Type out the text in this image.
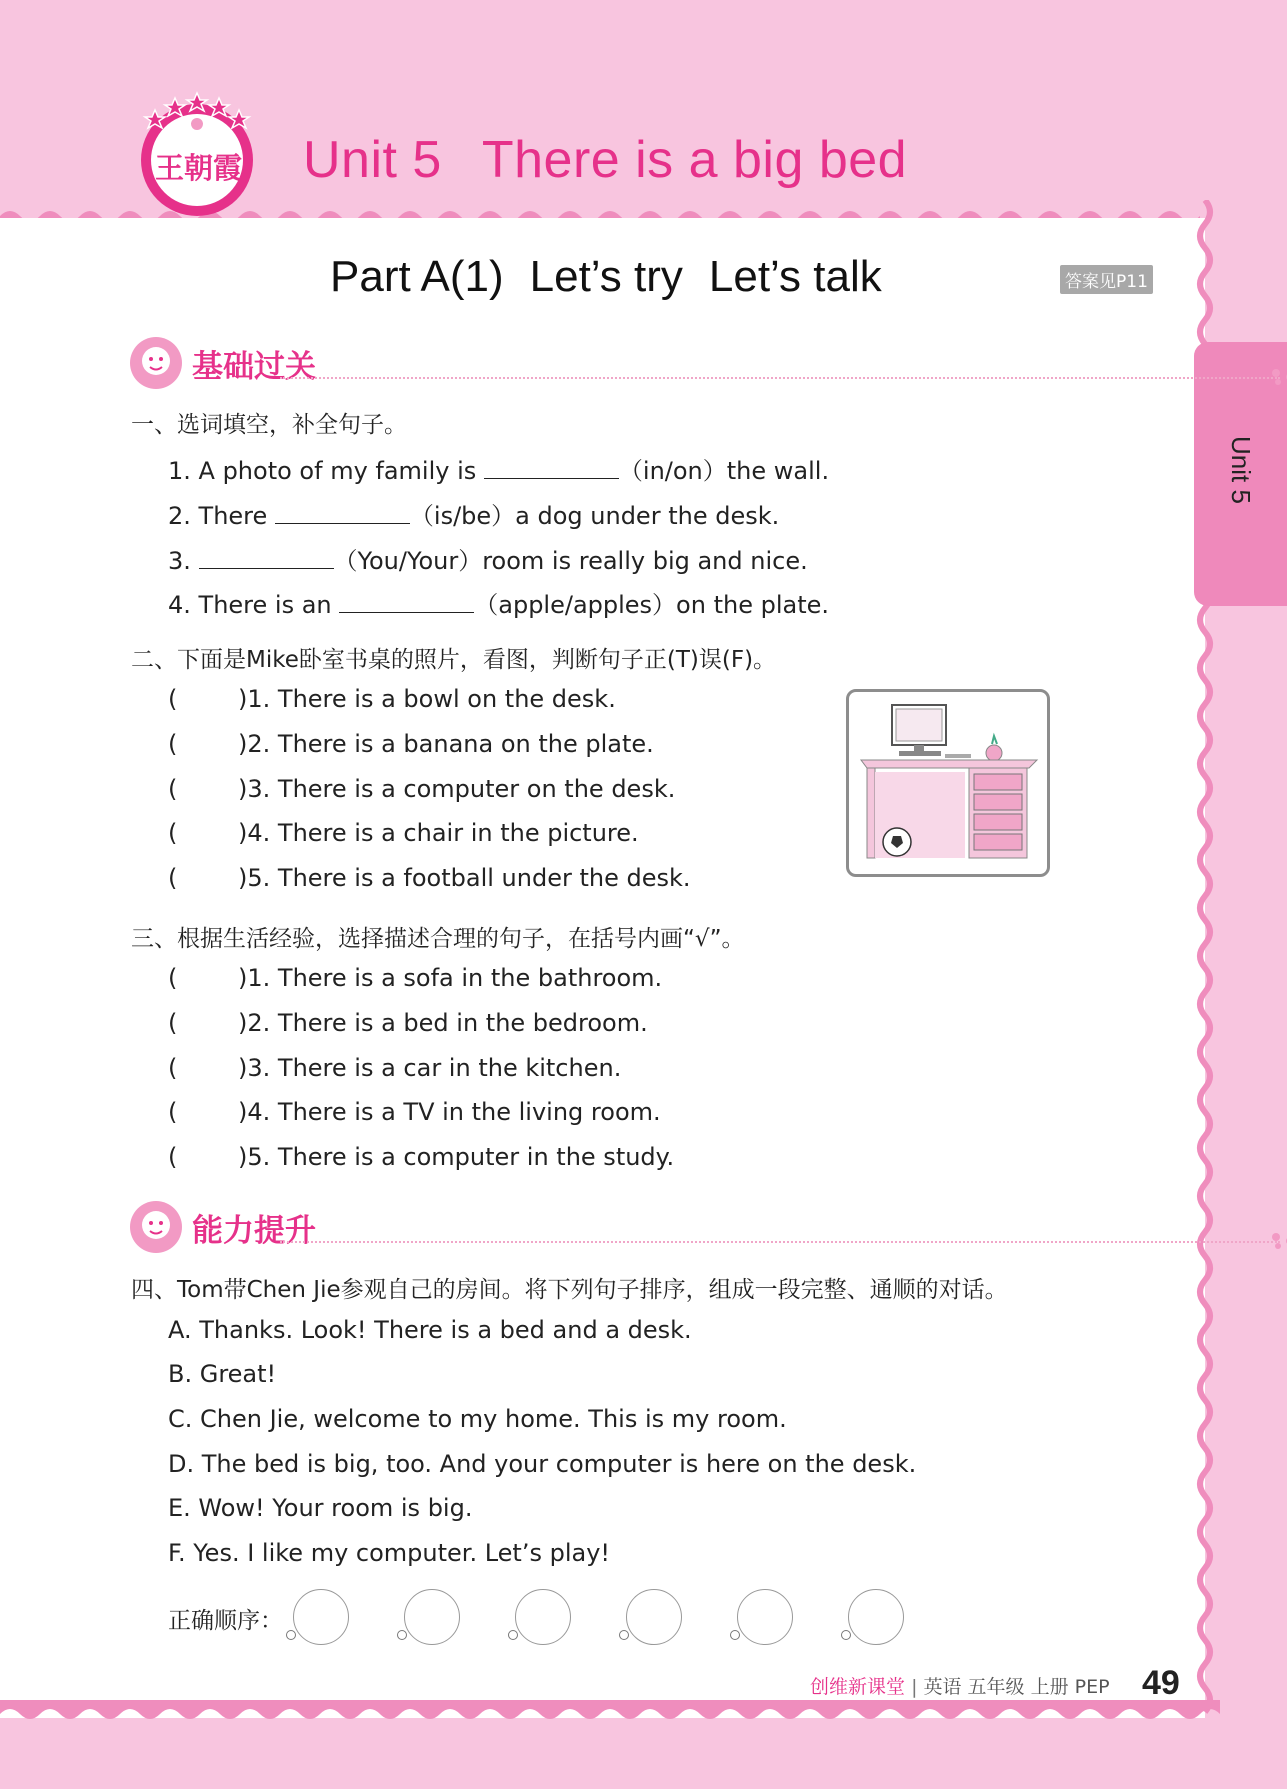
王朝霞 Unit 5 There is a big bed
Part A(1) Let’s try Let’s talk	答案见P11
Unit 5
基础过关
一、选词填空，补全句子。
1. A photo of my family is	（in/on）the wall.
2. There	（is/be）a dog under the desk.
3.	（You/Your）room is really big and nice.
4. There is an	（apple/apples）on the plate.
二、下面是Mike卧室书桌的照片，看图，判断句子正(T)误(F)。
(	)1. There is a bowl on the desk.
(	)2. There is a banana on the plate.
(	)3. There is a computer on the desk.
(	)4. There is a chair in the picture.
(	)5. There is a football under the desk.
三、根据生活经验，选择描述合理的句子，在括号内画“√”。
(	)1. There is a sofa in the bathroom.
(	)2. There is a bed in the bedroom.
(	)3. There is a car in the kitchen.
(	)4. There is a TV in the living room.
(	)5. There is a computer in the study.
能力提升
四、Tom带Chen Jie参观自己的房间。将下列句子排序，组成一段完整、通顺的对话。
A. Thanks. Look! There is a bed and a desk.
B. Great!
C. Chen Jie, welcome to my home. This is my room.
D. The bed is big, too. And your computer is here on the desk.
E. Wow! Your room is big.
F. Yes. I like my computer. Let’s play!
正确顺序：
创维新课堂 | 英语 五年级 上册 PEP 49
